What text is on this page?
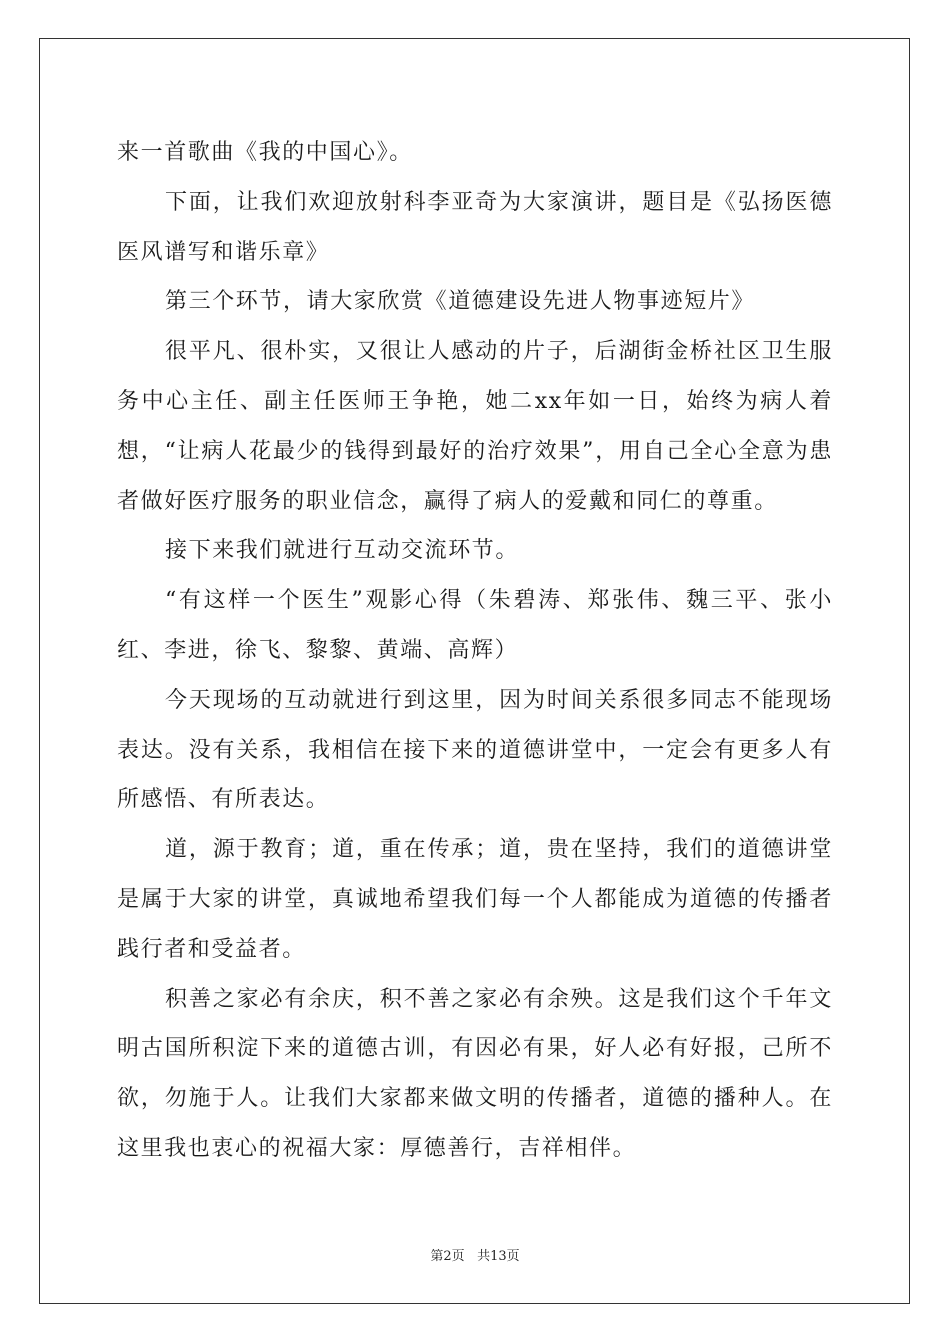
来一首歌曲《我的中国心》。

下面，让我们欢迎放射科李亚奇为大家演讲，题目是《弘扬医德医风谱写和谐乐章》

第三个环节，请大家欣赏《道德建设先进人物事迹短片》

很平凡、很朴实，又很让人感动的片子，后湖街金桥社区卫生服务中心主任、副主任医师王争艳，她二xx年如一日，始终为病人着想，“让病人花最少的钱得到最好的治疗效果”，用自己全心全意为患者做好医疗服务的职业信念，赢得了病人的爱戴和同仁的尊重。

接下来我们就进行互动交流环节。

“有这样一个医生”观影心得（朱碧涛、郑张伟、魏三平、张小红、李进，徐飞、黎黎、黄端、高辉）

今天现场的互动就进行到这里，因为时间关系很多同志不能现场表达。没有关系，我相信在接下来的道德讲堂中，一定会有更多人有所感悟、有所表达。

道，源于教育；道，重在传承；道，贵在坚持，我们的道德讲堂是属于大家的讲堂，真诚地希望我们每一个人都能成为道德的传播者践行者和受益者。

积善之家必有余庆，积不善之家必有余殃。这是我们这个千年文明古国所积淀下来的道德古训，有因必有果，好人必有好报，己所不欲，勿施于人。让我们大家都来做文明的传播者，道德的播种人。在这里我也衷心的祝福大家：厚德善行，吉祥相伴。

第2页 共13页
